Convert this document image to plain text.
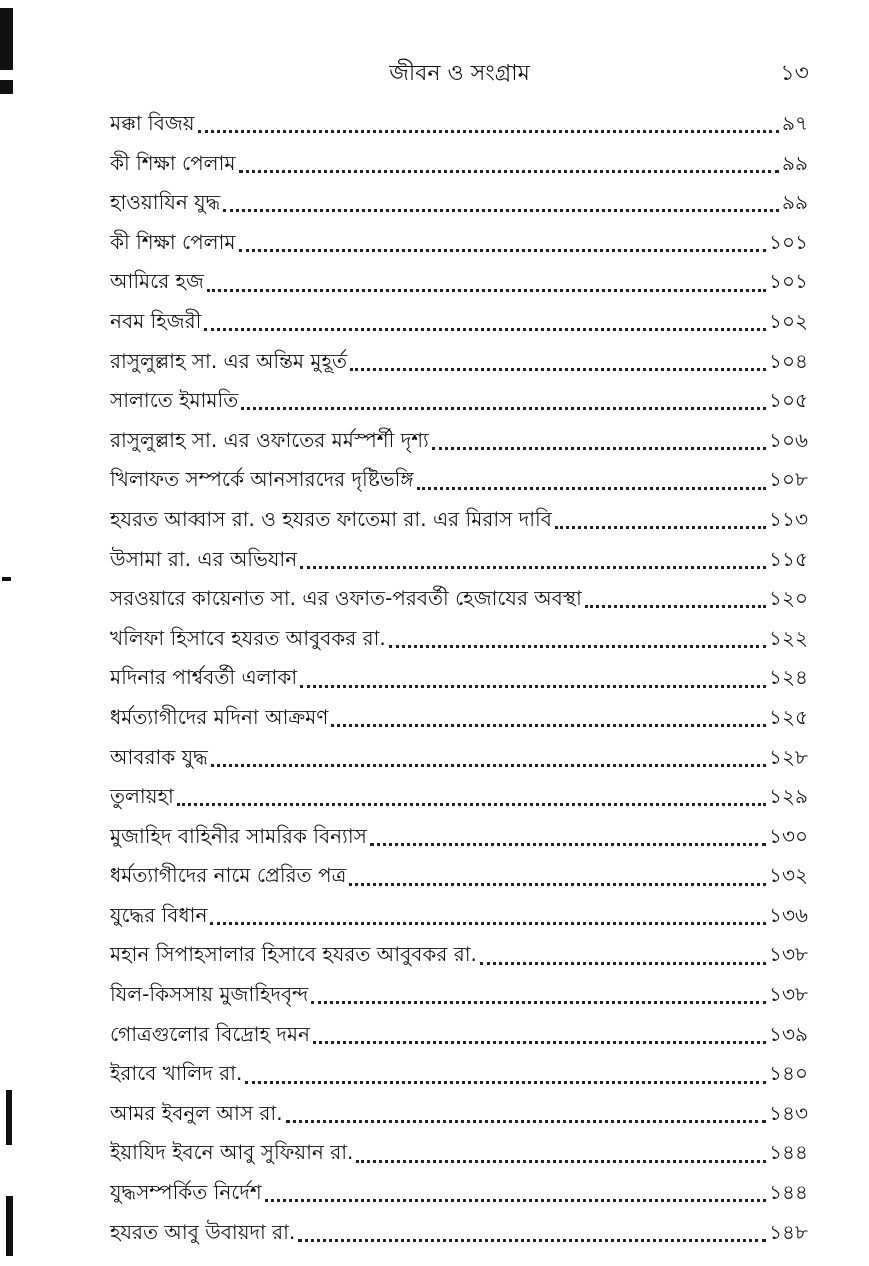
জীবন ও সংগ্রাম	১৩
মক্কা বিজয়	৯৭
কী শিক্ষা পেলাম	৯৯
হাওয়াযিন যুদ্ধ	৯৯
কী শিক্ষা পেলাম	১০১
আমিরে হজ	১০১
নবম হিজরী	১০২
রাসুলুল্লাহ সা. এর অন্তিম মুহূর্ত	১০৪
সালাতে ইমামতি	১০৫
রাসুলুল্লাহ সা. এর ওফাতের মর্মস্পর্শী দৃশ্য	১০৬
খিলাফত সম্পর্কে আনসারদের দৃষ্টিভঙ্গি	১০৮
হযরত আব্বাস রা. ও হযরত ফাতেমা রা. এর মিরাস দাবি	১১৩
উসামা রা. এর অভিযান	১১৫
সরওয়ারে কায়েনাত সা. এর ওফাত-পরবর্তী হেজাযের অবস্থা	১২০
খলিফা হিসাবে হযরত আবুবকর রা.	১২২
মদিনার পার্শ্ববর্তী এলাকা	১২৪
ধর্মত্যাগীদের মদিনা আক্রমণ	১২৫
আবরাক যুদ্ধ	১২৮
তুলায়হা	১২৯
মুজাহিদ বাহিনীর সামরিক বিন্যাস	১৩০
ধর্মত্যাগীদের নামে প্রেরিত পত্র	১৩২
যুদ্ধের বিধান	১৩৬
মহান সিপাহসালার হিসাবে হযরত আবুবকর রা.	১৩৮
যিল-কিসসায় মুজাহিদবৃন্দ	১৩৮
গোত্রগুলোর বিদ্রোহ দমন	১৩৯
ইরাবে খালিদ রা.	১৪০
আমর ইবনুল আস রা.	১৪৩
ইয়াযিদ ইবনে আবু সুফিয়ান রা.	১৪৪
যুদ্ধসম্পর্কিত নির্দেশ	১৪৪
হযরত আবু উবায়দা রা.	১৪৮
